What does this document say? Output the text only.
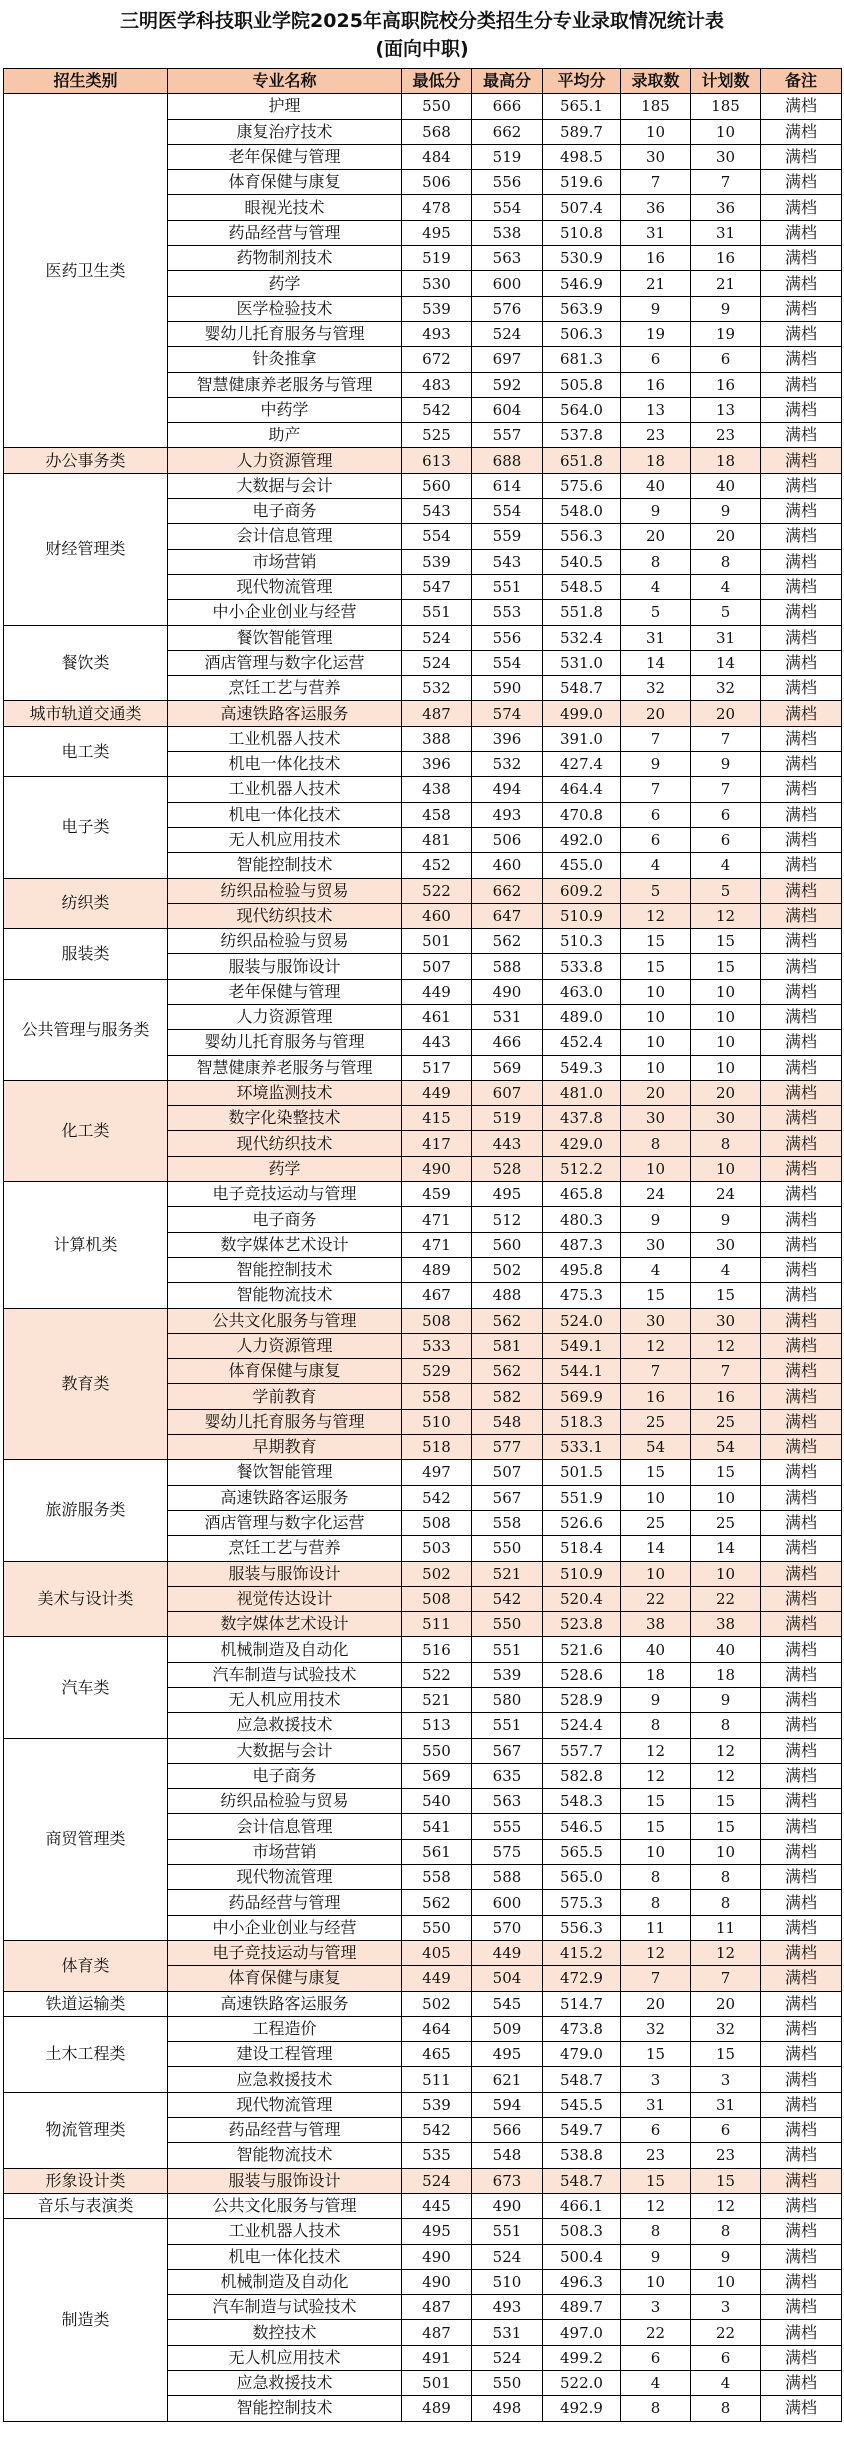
三明医学科技职业学院2025年高职院校分类招生分专业录取情况统计表
(面向中职)
招生类别	专业名称	最低分	最高分	平均分	录取数	计划数	备注
医药卫生类	护理	550	666	565.1	185	185	满档
	康复治疗技术	568	662	589.7	10	10	满档
	老年保健与管理	484	519	498.5	30	30	满档
	体育保健与康复	506	556	519.6	7	7	满档
	眼视光技术	478	554	507.4	36	36	满档
	药品经营与管理	495	538	510.8	31	31	满档
	药物制剂技术	519	563	530.9	16	16	满档
	药学	530	600	546.9	21	21	满档
	医学检验技术	539	576	563.9	9	9	满档
	婴幼儿托育服务与管理	493	524	506.3	19	19	满档
	针灸推拿	672	697	681.3	6	6	满档
	智慧健康养老服务与管理	483	592	505.8	16	16	满档
	中药学	542	604	564.0	13	13	满档
	助产	525	557	537.8	23	23	满档
办公事务类	人力资源管理	613	688	651.8	18	18	满档
财经管理类	大数据与会计	560	614	575.6	40	40	满档
	电子商务	543	554	548.0	9	9	满档
	会计信息管理	554	559	556.3	20	20	满档
	市场营销	539	543	540.5	8	8	满档
	现代物流管理	547	551	548.5	4	4	满档
	中小企业创业与经营	551	553	551.8	5	5	满档
餐饮类	餐饮智能管理	524	556	532.4	31	31	满档
	酒店管理与数字化运营	524	554	531.0	14	14	满档
	烹饪工艺与营养	532	590	548.7	32	32	满档
城市轨道交通类	高速铁路客运服务	487	574	499.0	20	20	满档
电工类	工业机器人技术	388	396	391.0	7	7	满档
	机电一体化技术	396	532	427.4	9	9	满档
电子类	工业机器人技术	438	494	464.4	7	7	满档
	机电一体化技术	458	493	470.8	6	6	满档
	无人机应用技术	481	506	492.0	6	6	满档
	智能控制技术	452	460	455.0	4	4	满档
纺织类	纺织品检验与贸易	522	662	609.2	5	5	满档
	现代纺织技术	460	647	510.9	12	12	满档
服装类	纺织品检验与贸易	501	562	510.3	15	15	满档
	服装与服饰设计	507	588	533.8	15	15	满档
公共管理与服务类	老年保健与管理	449	490	463.0	10	10	满档
	人力资源管理	461	531	489.0	10	10	满档
	婴幼儿托育服务与管理	443	466	452.4	10	10	满档
	智慧健康养老服务与管理	517	569	549.3	10	10	满档
化工类	环境监测技术	449	607	481.0	20	20	满档
	数字化染整技术	415	519	437.8	30	30	满档
	现代纺织技术	417	443	429.0	8	8	满档
	药学	490	528	512.2	10	10	满档
计算机类	电子竞技运动与管理	459	495	465.8	24	24	满档
	电子商务	471	512	480.3	9	9	满档
	数字媒体艺术设计	471	560	487.3	30	30	满档
	智能控制技术	489	502	495.8	4	4	满档
	智能物流技术	467	488	475.3	15	15	满档
教育类	公共文化服务与管理	508	562	524.0	30	30	满档
	人力资源管理	533	581	549.1	12	12	满档
	体育保健与康复	529	562	544.1	7	7	满档
	学前教育	558	582	569.9	16	16	满档
	婴幼儿托育服务与管理	510	548	518.3	25	25	满档
	早期教育	518	577	533.1	54	54	满档
旅游服务类	餐饮智能管理	497	507	501.5	15	15	满档
	高速铁路客运服务	542	567	551.9	10	10	满档
	酒店管理与数字化运营	508	558	526.6	25	25	满档
	烹饪工艺与营养	503	550	518.4	14	14	满档
美术与设计类	服装与服饰设计	502	521	510.9	10	10	满档
	视觉传达设计	508	542	520.4	22	22	满档
	数字媒体艺术设计	511	550	523.8	38	38	满档
汽车类	机械制造及自动化	516	551	521.6	40	40	满档
	汽车制造与试验技术	522	539	528.6	18	18	满档
	无人机应用技术	521	580	528.9	9	9	满档
	应急救援技术	513	551	524.4	8	8	满档
商贸管理类	大数据与会计	550	567	557.7	12	12	满档
	电子商务	569	635	582.8	12	12	满档
	纺织品检验与贸易	540	563	548.3	15	15	满档
	会计信息管理	541	555	546.5	15	15	满档
	市场营销	561	575	565.5	10	10	满档
	现代物流管理	558	588	565.0	8	8	满档
	药品经营与管理	562	600	575.3	8	8	满档
	中小企业创业与经营	550	570	556.3	11	11	满档
体育类	电子竞技运动与管理	405	449	415.2	12	12	满档
	体育保健与康复	449	504	472.9	7	7	满档
铁道运输类	高速铁路客运服务	502	545	514.7	20	20	满档
土木工程类	工程造价	464	509	473.8	32	32	满档
	建设工程管理	465	495	479.0	15	15	满档
	应急救援技术	511	621	548.7	3	3	满档
物流管理类	现代物流管理	539	594	545.5	31	31	满档
	药品经营与管理	542	566	549.7	6	6	满档
	智能物流技术	535	548	538.8	23	23	满档
形象设计类	服装与服饰设计	524	673	548.7	15	15	满档
音乐与表演类	公共文化服务与管理	445	490	466.1	12	12	满档
制造类	工业机器人技术	495	551	508.3	8	8	满档
	机电一体化技术	490	524	500.4	9	9	满档
	机械制造及自动化	490	510	496.3	10	10	满档
	汽车制造与试验技术	487	493	489.7	3	3	满档
	数控技术	487	531	497.0	22	22	满档
	无人机应用技术	491	524	499.2	6	6	满档
	应急救援技术	501	550	522.0	4	4	满档
	智能控制技术	489	498	492.9	8	8	满档
